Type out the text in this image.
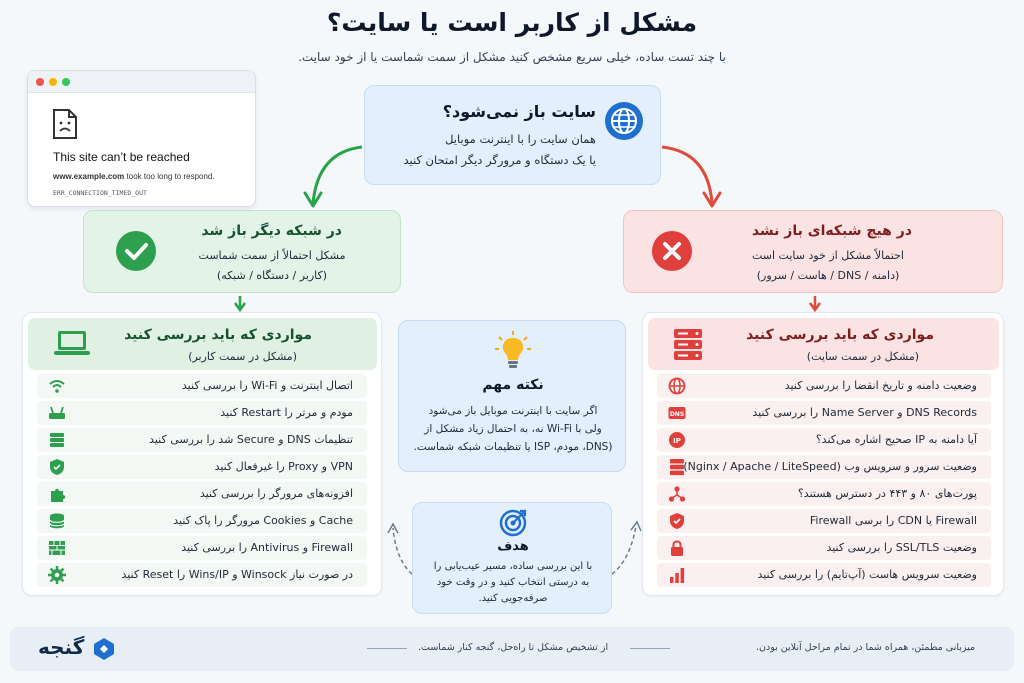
مشکل از کاربر است یا سایت؟
با چند تست ساده، خیلی سریع مشخص کنید مشکل از سمت شماست یا از خود سایت.
This site can’t be reached
www.example.com took too long to respond.
ERR_CONNECTION_TIMED_OUT
سایت باز نمی‌شود؟
همان سایت را با اینترنت موبایل
یا یک دستگاه و مرورگر دیگر امتحان کنید
در شبکه دیگر باز شد
مشکل احتمالاً از سمت شماست
(کاربر / دستگاه / شبکه)
در هیچ شبکه‌ای باز نشد
احتمالاً مشکل از خود سایت است
(دامنه / DNS / هاست / سرور)
مواردی که باید بررسی کنید
(مشکل در سمت کاربر)
اتصال اینترنت و Wi-Fi را بررسی کنید
مودم و مرتر را Restart کنید
تنظیمات DNS و Secure شد را بررسی کنید
VPN و Proxy را غیرفعال کنید
افزونه‌های مرورگر را بررسی کنید
Cache و Cookies مرورگر را پاک کنید
Firewall و Antivirus را بررسی کنید
در صورت نیاز Winsock و Wins/IP را Reset کنید
مواردی که باید بررسی کنید
(مشکل در سمت سایت)
وضعیت دامنه و تاریخ انقضا را بررسی کنید
DNS	DNS Records و Name Server را بررسی کنید
IP	آیا دامنه به IP صحیح اشاره می‌کند؟
وضعیت سرور و سرویس وب (Nginx / Apache / LiteSpeed)
پورت‌های ۸۰ و ۴۴۳ در دسترس هستند؟
Firewall یا CDN را برسی Firewall
وضعیت SSL/TLS را بررسی کنید
وضعیت سرویس هاست (آپ‌تایم) را بررسی کنید
نکته مهم
اگر سایت با اینترنت موبایل باز می‌شود
ولی با Wi-Fi نه، به احتمال زیاد مشکل از
(DNS، مودم، ISP یا تنظیمات شبکه شماست.
هدف
با این بررسی ساده، مسیر عیب‌یابی را
به درستی انتخاب کنید و در وقت خود
صرفه‌جویی کنید.
گنجه	از تشخیص مشکل تا راه‌حل، گنجه کنار شماست.	میزبانی مطمئن، همراه شما در تمام مراحل آنلاین بودن.
